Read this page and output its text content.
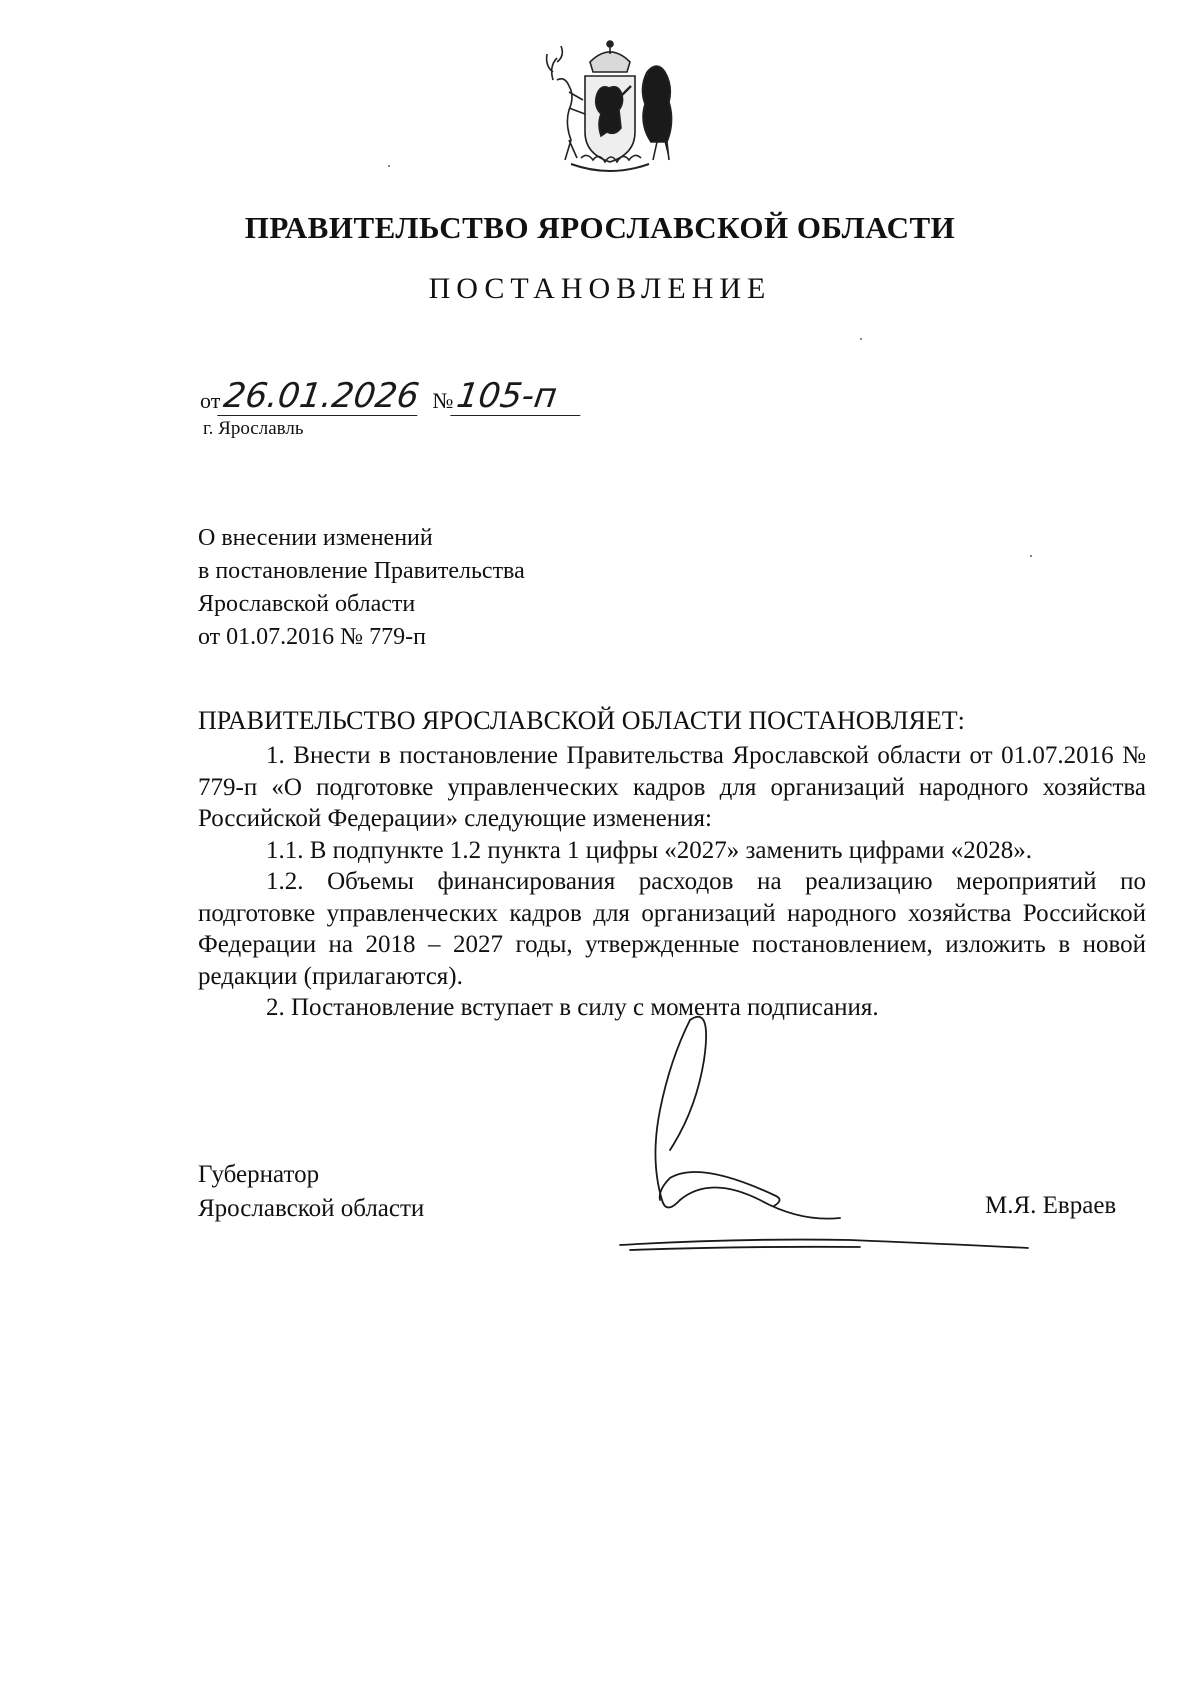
ПРАВИТЕЛЬСТВО ЯРОСЛАВСКОЙ ОБЛАСТИ
ПОСТАНОВЛЕНИЕ
от 26.01.2026 № 105-п
г. Ярославль
О внесении изменений
в постановление Правительства
Ярославской области
от 01.07.2016 № 779-п
ПРАВИТЕЛЬСТВО ЯРОСЛАВСКОЙ ОБЛАСТИ ПОСТАНОВЛЯЕТ:

1. Внести в постановление Правительства Ярославской области от 01.07.2016 № 779-п «О подготовке управленческих кадров для организаций народного хозяйства Российской Федерации» следующие изменения:

1.1. В подпункте 1.2 пункта 1 цифры «2027» заменить цифрами «2028».

1.2. Объемы финансирования расходов на реализацию мероприятий по подготовке управленческих кадров для организаций народного хозяйства Российской Федерации на 2018 – 2027 годы, утвержденные постановлением, изложить в новой редакции (прилагаются).

2. Постановление вступает в силу с момента подписания.

Губернатор
Ярославской области	М.Я. Евраев
